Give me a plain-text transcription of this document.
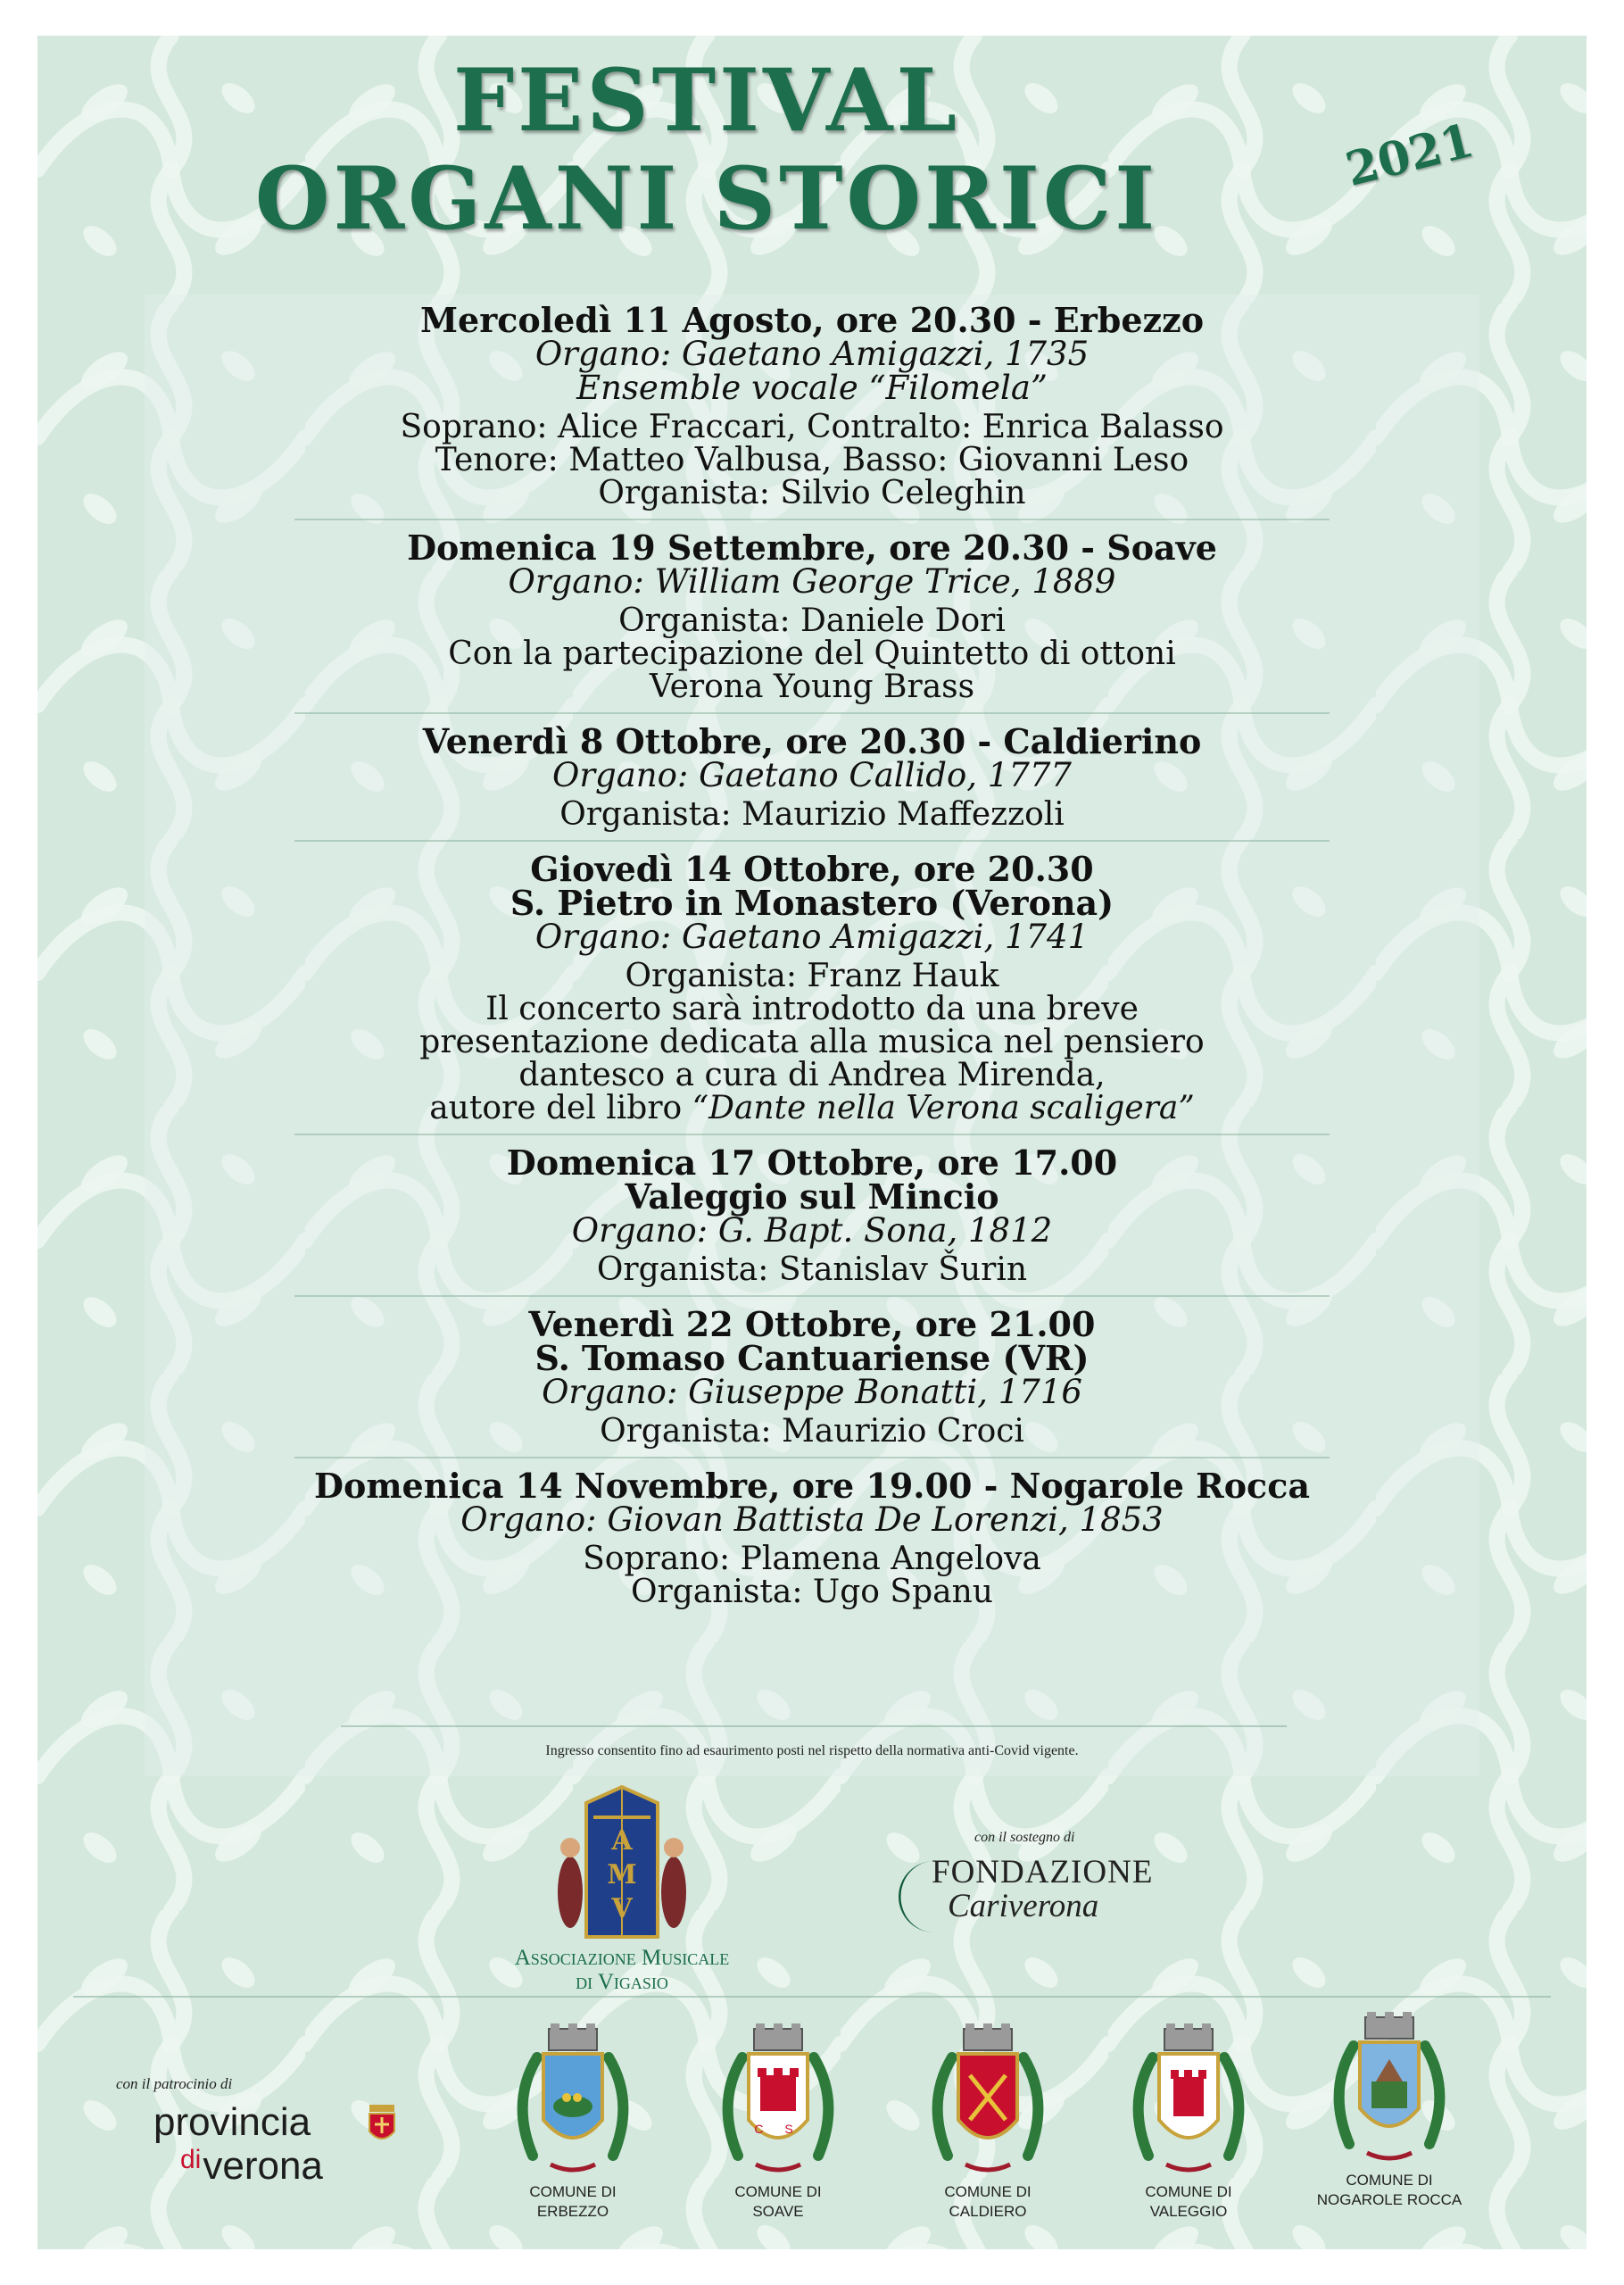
FESTIVAL
ORGANI STORICI	2021
Mercoledì 11 Agosto, ore 20.30 - Erbezzo
Organo: Gaetano Amigazzi, 1735
Ensemble vocale “Filomela”
Soprano: Alice Fraccari, Contralto: Enrica Balasso
Tenore: Matteo Valbusa, Basso: Giovanni Leso
Organista: Silvio Celeghin
Domenica 19 Settembre, ore 20.30 - Soave
Organo: William George Trice, 1889
Organista: Daniele Dori
Con la partecipazione del Quintetto di ottoni
Verona Young Brass
Venerdì 8 Ottobre, ore 20.30 - Caldierino
Organo: Gaetano Callido, 1777
Organista: Maurizio Maffezzoli
Giovedì 14 Ottobre, ore 20.30
S. Pietro in Monastero (Verona)
Organo: Gaetano Amigazzi, 1741
Organista: Franz Hauk
Il concerto sarà introdotto da una breve
presentazione dedicata alla musica nel pensiero
dantesco a cura di Andrea Mirenda,
autore del libro “Dante nella Verona scaligera”
Domenica 17 Ottobre, ore 17.00
Valeggio sul Mincio
Organo: G. Bapt. Sona, 1812
Organista: Stanislav Šurin
Venerdì 22 Ottobre, ore 21.00
S. Tomaso Cantuariense (VR)
Organo: Giuseppe Bonatti, 1716
Organista: Maurizio Croci
Domenica 14 Novembre, ore 19.00 - Nogarole Rocca
Organo: Giovan Battista De Lorenzi, 1853
Soprano: Plamena Angelova
Organista: Ugo Spanu
Ingresso consentito fino ad esaurimento posti nel rispetto della normativa anti-Covid vigente.
A
M
V
Associazione Musicale
di Vigasio
con il sostegno di
FONDAZIONE
Cariverona
con il patrocinio di
provincia
$^{di}$verona
COMUNE DI
ERBEZZO
C S
COMUNE DI
SOAVE
COMUNE DI
CALDIERO
COMUNE DI
VALEGGIO
COMUNE DI
NOGAROLE ROCCA
